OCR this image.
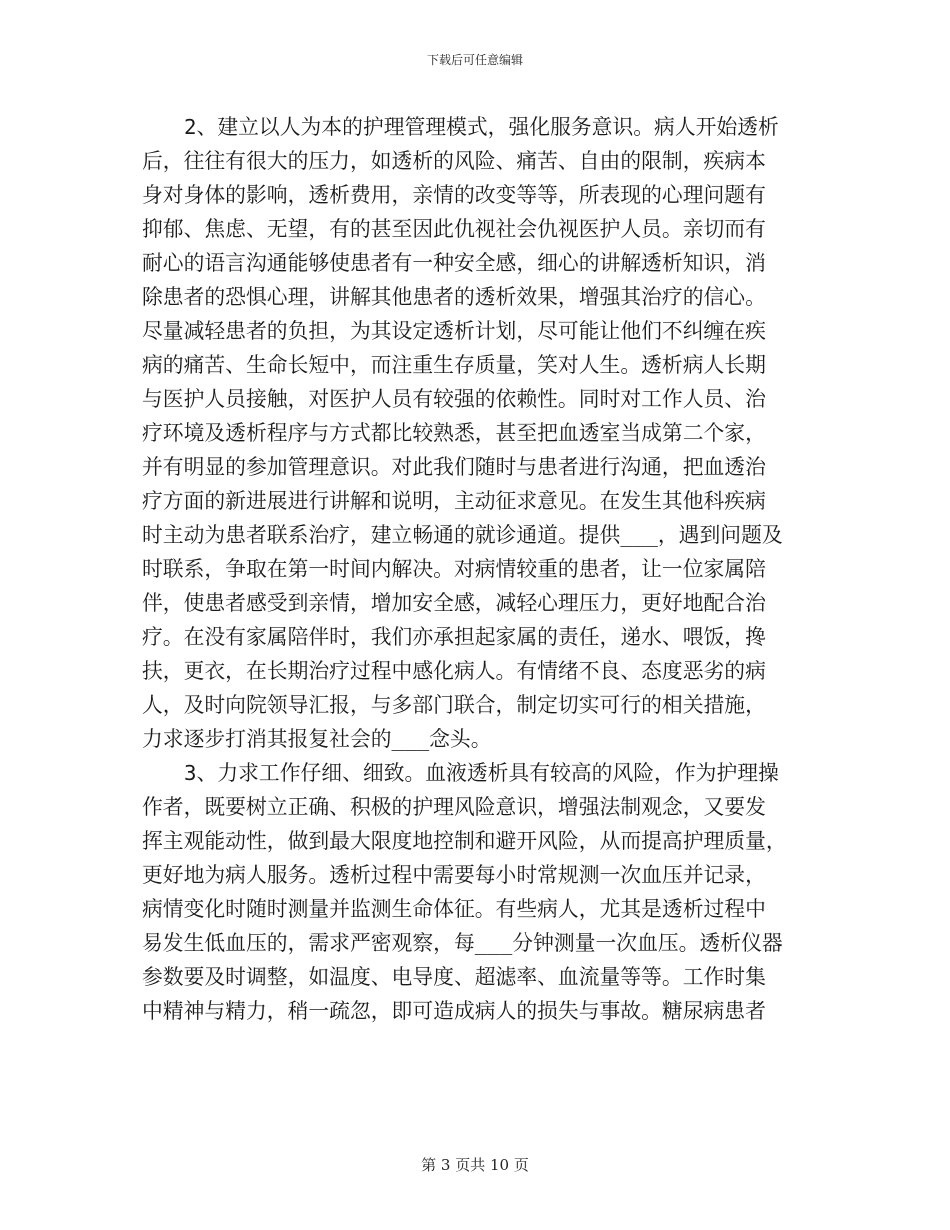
下载后可任意编辑
2、建立以人为本的护理管理模式，强化服务意识。病人开始透析
后，往往有很大的压力，如透析的风险、痛苦、自由的限制，疾病本
身对身体的影响，透析费用，亲情的改变等等，所表现的心理问题有
抑郁、焦虑、无望，有的甚至因此仇视社会仇视医护人员。亲切而有
耐心的语言沟通能够使患者有一种安全感，细心的讲解透析知识，消
除患者的恐惧心理，讲解其他患者的透析效果，增强其治疗的信心。
尽量减轻患者的负担，为其设定透析计划，尽可能让他们不纠缠在疾
病的痛苦、生命长短中，而注重生存质量，笑对人生。透析病人长期
与医护人员接触，对医护人员有较强的依赖性。同时对工作人员、治
疗环境及透析程序与方式都比较熟悉，甚至把血透室当成第二个家，
并有明显的参加管理意识。对此我们随时与患者进行沟通，把血透治
疗方面的新进展进行讲解和说明，主动征求意见。在发生其他科疾病
时主动为患者联系治疗，建立畅通的就诊通道。提供___，遇到问题及
时联系，争取在第一时间内解决。对病情较重的患者，让一位家属陪
伴，使患者感受到亲情，增加安全感，减轻心理压力，更好地配合治
疗。在没有家属陪伴时，我们亦承担起家属的责任，递水、喂饭，搀
扶，更衣，在长期治疗过程中感化病人。有情绪不良、态度恶劣的病
人，及时向院领导汇报，与多部门联合，制定切实可行的相关措施，
力求逐步打消其报复社会的___念头。
3、力求工作仔细、细致。血液透析具有较高的风险，作为护理操
作者，既要树立正确、积极的护理风险意识，增强法制观念，又要发
挥主观能动性，做到最大限度地控制和避开风险，从而提高护理质量，
更好地为病人服务。透析过程中需要每小时常规测一次血压并记录，
病情变化时随时测量并监测生命体征。有些病人，尤其是透析过程中
易发生低血压的，需求严密观察，每___分钟测量一次血压。透析仪器
参数要及时调整，如温度、电导度、超滤率、血流量等等。工作时集
中精神与精力，稍一疏忽，即可造成病人的损失与事故。糖尿病患者
第 3 页共 10 页
